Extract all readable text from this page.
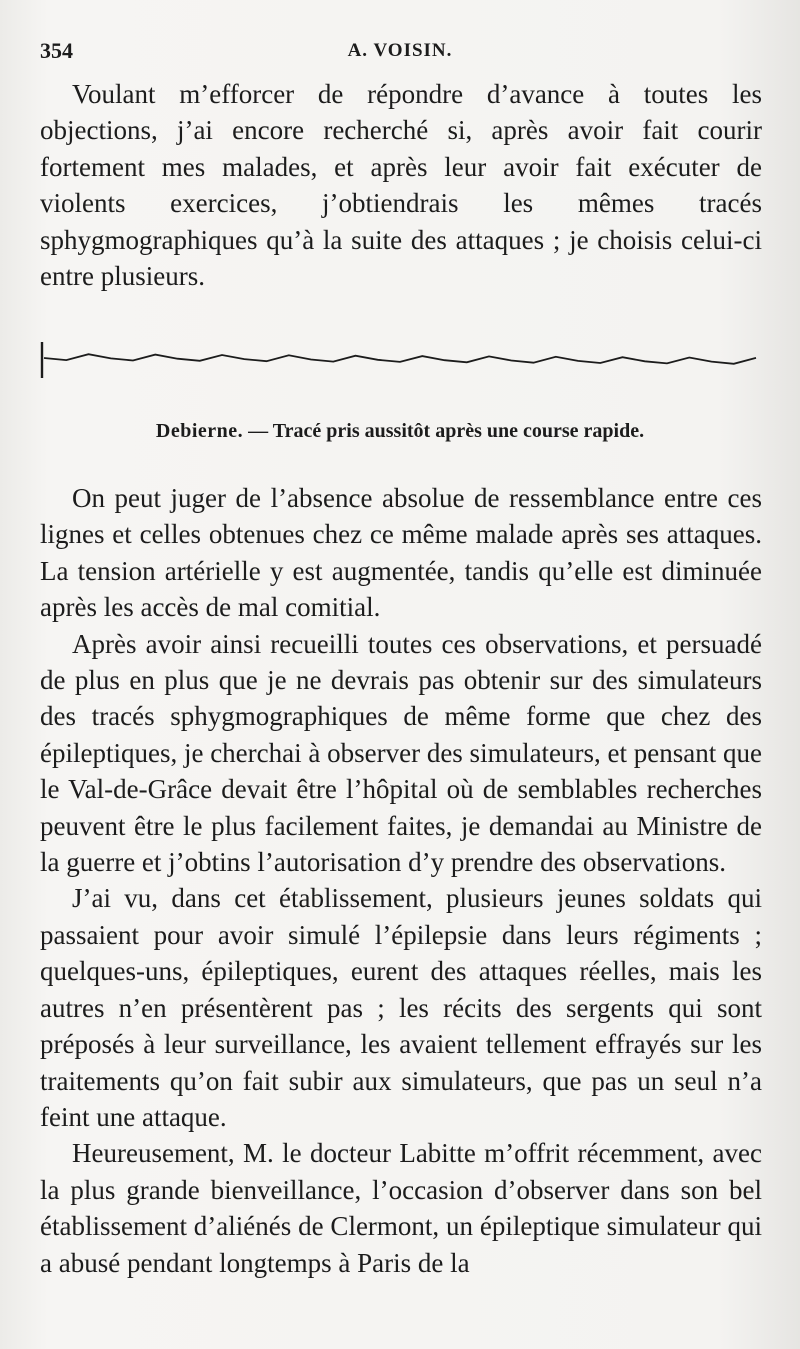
354	A. VOISIN.

Voulant m’efforcer de répondre d’avance à toutes les objections, j’ai encore recherché si, après avoir fait courir fortement mes malades, et après leur avoir fait exécuter de violents exercices, j’obtiendrais les mêmes tracés sphygmographiques qu’à la suite des attaques ; je choisis celui-ci entre plusieurs.

Debierne. — Tracé pris aussitôt après une course rapide.

On peut juger de l’absence absolue de ressemblance entre ces lignes et celles obtenues chez ce même malade après ses attaques. La tension artérielle y est augmentée, tandis qu’elle est diminuée après les accès de mal comitial.

Après avoir ainsi recueilli toutes ces observations, et persuadé de plus en plus que je ne devrais pas obtenir sur des simulateurs des tracés sphygmographiques de même forme que chez des épileptiques, je cherchai à observer des simulateurs, et pensant que le Val-de-Grâce devait être l’hôpital où de semblables recherches peuvent être le plus facilement faites, je demandai au Ministre de la guerre et j’obtins l’autorisation d’y prendre des observations.

J’ai vu, dans cet établissement, plusieurs jeunes soldats qui passaient pour avoir simulé l’épilepsie dans leurs régiments ; quelques-uns, épileptiques, eurent des attaques réelles, mais les autres n’en présentèrent pas ; les récits des sergents qui sont préposés à leur surveillance, les avaient tellement effrayés sur les traitements qu’on fait subir aux simulateurs, que pas un seul n’a feint une attaque.

Heureusement, M. le docteur Labitte m’offrit récemment, avec la plus grande bienveillance, l’occasion d’observer dans son bel établissement d’aliénés de Clermont, un épileptique simulateur qui a abusé pendant longtemps à Paris de la
